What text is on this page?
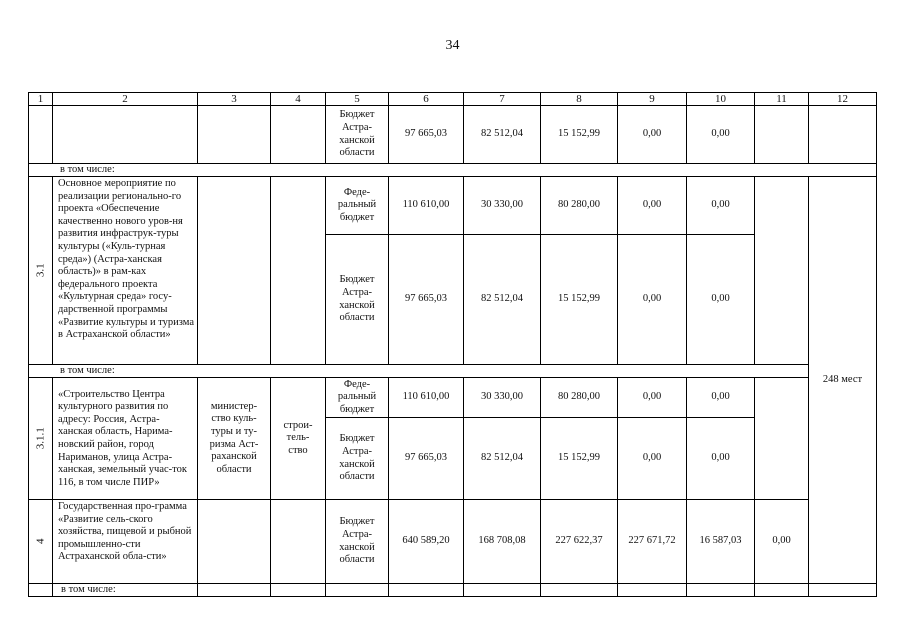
34
1	2	3	4	5	6	7	8	9	10	11	12	
				Бюджет Астра-ханской области	97 665,03	82 512,04	15 152,99	0,00	0,00			
в том числе:												
3.1	Основное мероприятие по реализации регионально-го проекта «Обеспечение качественно нового уров-ня развития инфраструк-туры культуры («Куль-турная среда») (Астра-ханская область)» в рам-ках федерального проекта «Культурная среда» госу-дарственной программы «Развитие культуры и туризма в Астраханской области»			Феде-ральный бюджет	110 610,00	30 330,00	80 280,00	0,00	0,00		248 мест	
				Бюджет Астра-ханской области	97 665,03	82 512,04	15 152,99	0,00	0,00			
в том числе:												
3.1.1	«Строительство Центра культурного развития по адресу: Россия, Астра-ханская область, Нарима-новский район, город Нариманов, улица Астра-ханская, земельный учас-ток 116, в том числе ПИР»	министер-ство куль-туры и ту-ризма Аст-раханской области	строи-тель-ство	Феде-ральный бюджет	110 610,00	30 330,00	80 280,00	0,00	0,00			
				Бюджет Астра-ханской области	97 665,03	82 512,04	15 152,99	0,00	0,00			
4	Государственная про-грамма «Развитие сель-ского хозяйства, пищевой и рыбной промышленно-сти Астраханской обла-сти»			Бюджет Астра-ханской области	640 589,20	168 708,08	227 622,37	227 671,72	16 587,03	0,00		
	в том числе:											
